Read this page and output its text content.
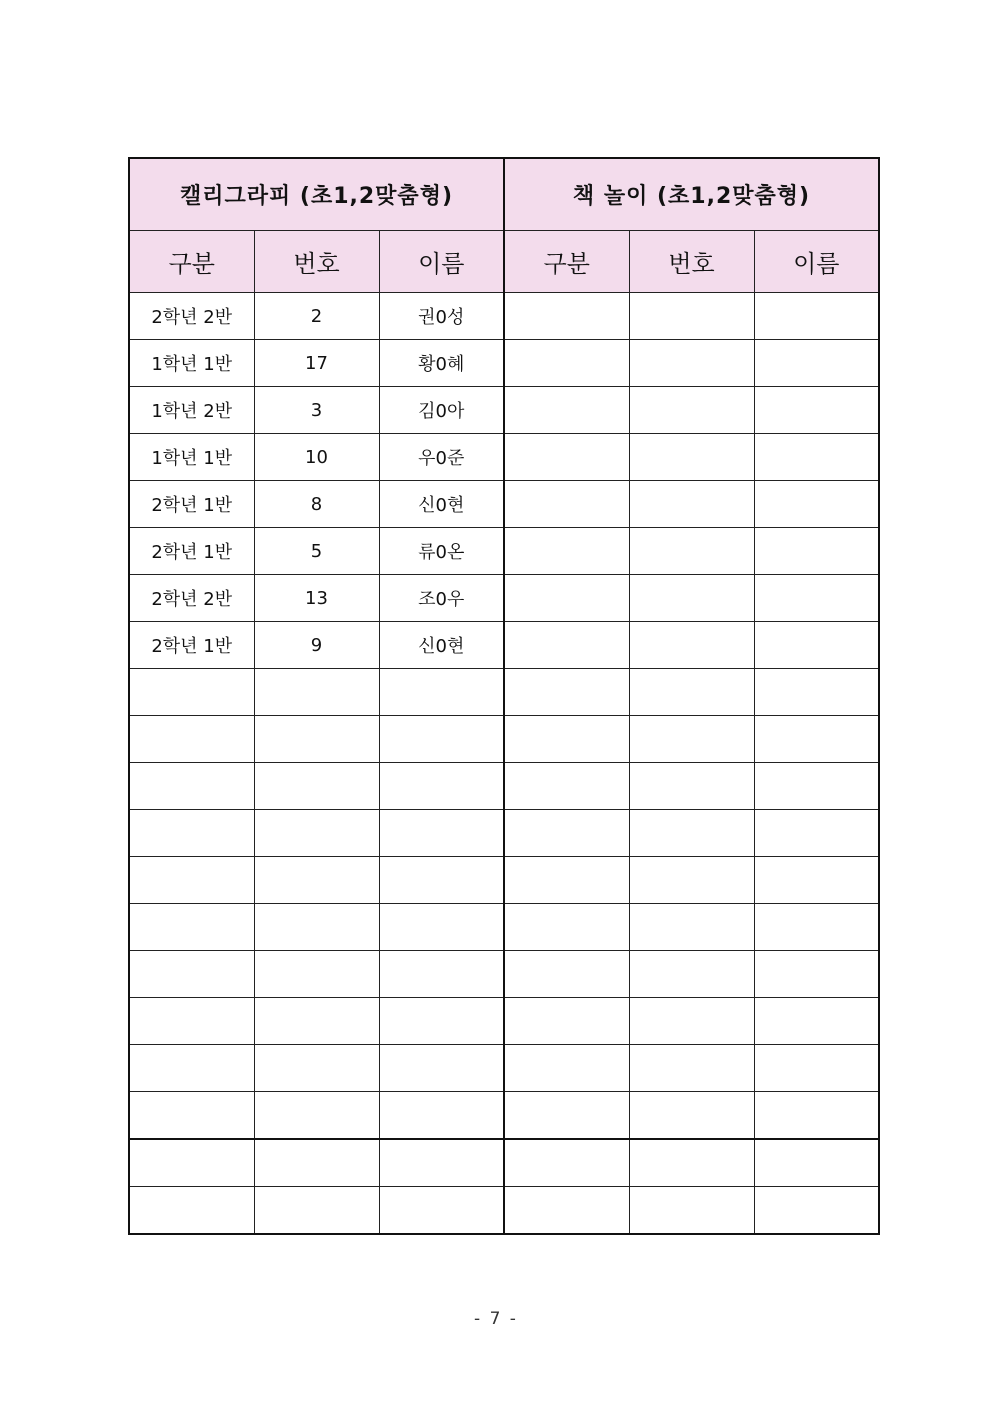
캘리그라피 (초1,2맞춤형)			책 놀이 (초1,2맞춤형)		
구분	번호	이름	구분	번호	이름
2학년 2반	2	권0성			
1학년 1반	17	황0혜			
1학년 2반	3	김0아			
1학년 1반	10	우0준			
2학년 1반	8	신0현			
2학년 1반	5	류0온			
2학년 2반	13	조0우			
2학년 1반	9	신0현			

- 7 -
